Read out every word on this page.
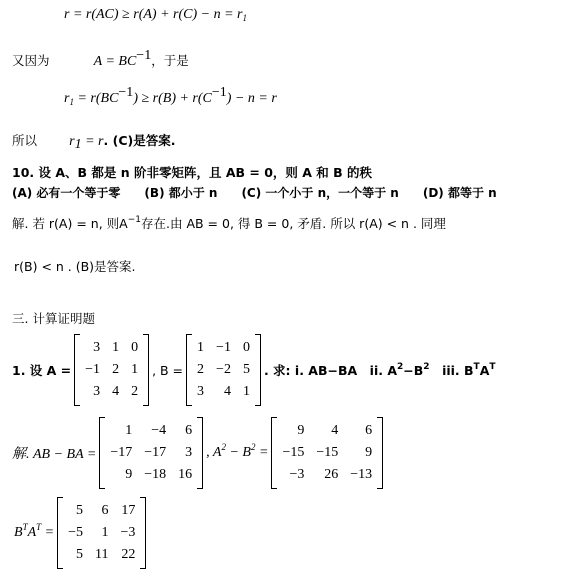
$r = r(AC) \ge r(A) + r(C) - n = r_1$
又因为	$A = BC^{-1}$，于是
$r_1 = r(BC^{-1}) \ge r(B) + r(C^{-1}) - n = r$
所以 $r_1 = r$. (C)是答案.
10. 设 A、B 都是 n 阶非零矩阵，且 AB = 0，则 A 和 B 的秩
(A) 必有一个等于零　　(B) 都小于 n　　(C) 一个小于 n，一个等于 n　　(D) 都等于 n
解. 若 r(A) = n, 则$A^{-1}$存在.由 AB = 0, 得 B = 0, 矛盾. 所以 r(A) < n . 同理
r(B) < n . (B)是答案.
三. 计算证明题
1. 设 A =
3	1	0
−1	2	1
3	4	2
, B =
1	−1	0
2	−2	5
3	4	1
. 求: i. AB−BA　ii. $A^2-B^2$　iii. $B^TA^T$
解. AB − BA =
1	−4	6
−17	−17	3
9	−18	16
, $A^2 - B^2$ =
9	4	6
−15	−15	9
−3	26	−13
$B^TA^T$ =
5	6	17
−5	1	−3
5	11	22
